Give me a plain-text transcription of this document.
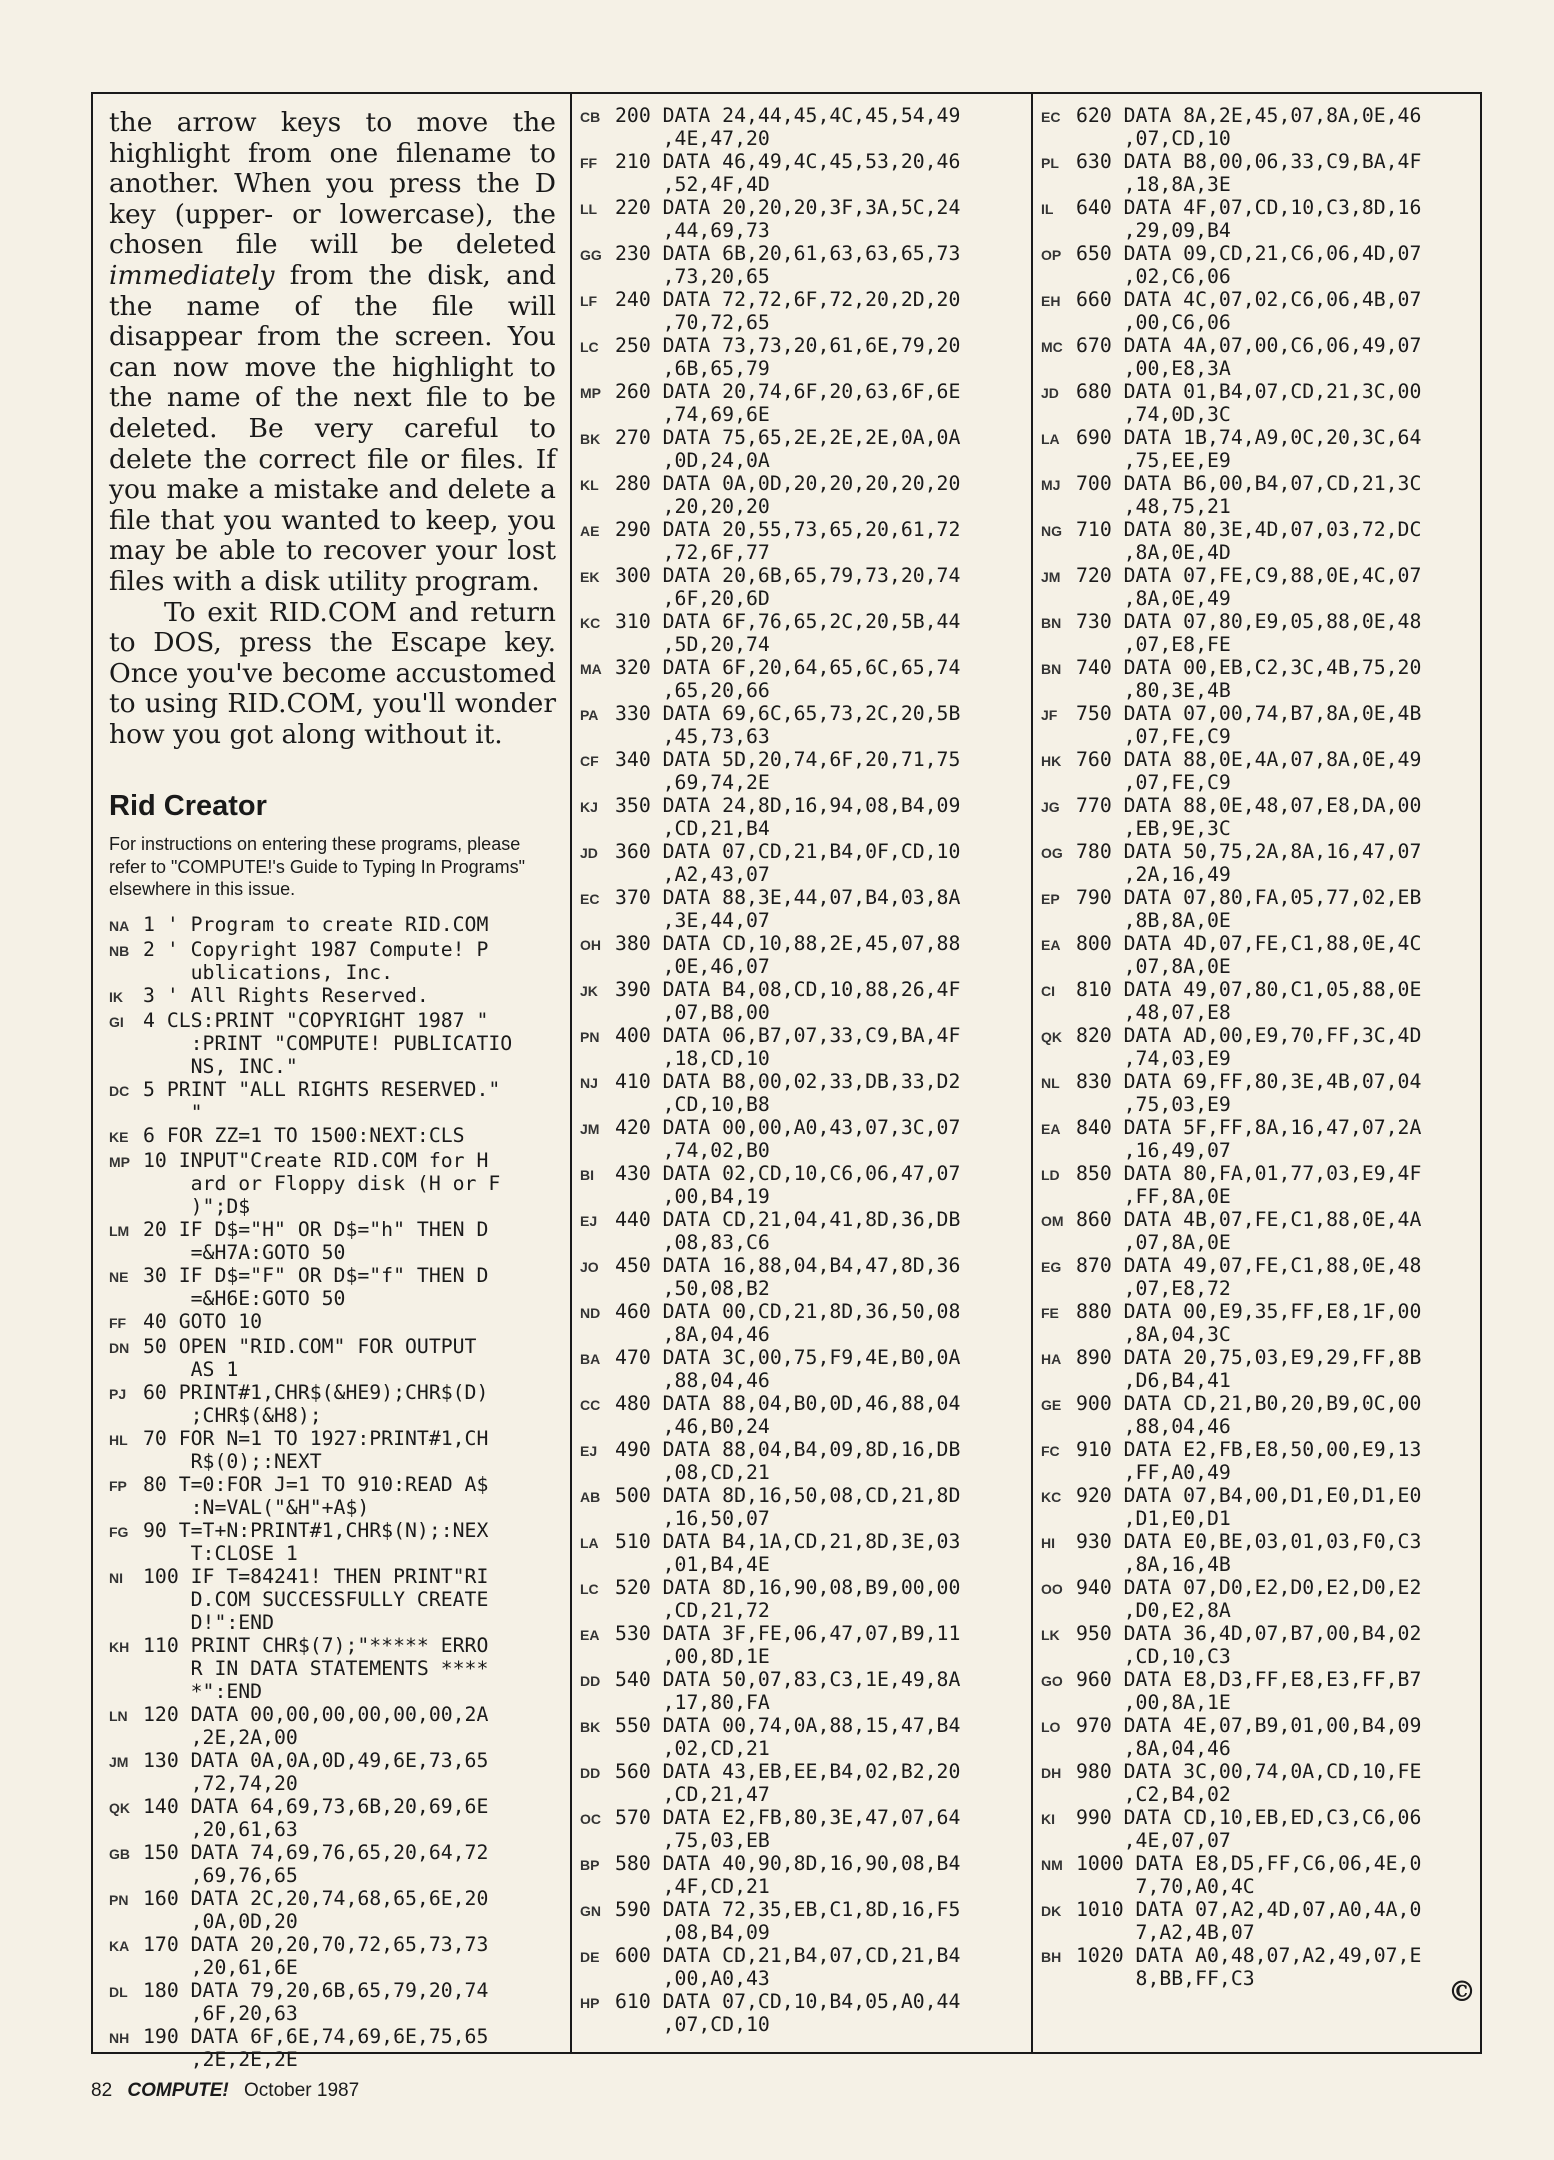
the arrow keys to move the highlight from one filename to another. When you press the D key (upper- or lowercase), the chosen file will be deleted immediately from the disk, and the name of the file will disappear from the screen. You can now move the highlight to the name of the next file to be deleted. Be very careful to delete the correct file or files. If you make a mistake and delete a file that you wanted to keep, you may be able to recover your lost files with a disk utility program.

To exit RID.COM and return to DOS, press the Escape key. Once you've become accustomed to using RID.COM, you'll wonder how you got along without it.

Rid Creator

For instructions on entering these programs, please refer to "COMPUTE!'s Guide to Typing In Programs" elsewhere in this issue.

NA 1 ' Program to create RID.COM
NB 2 ' Copyright 1987 Compute! P
ublications, Inc.
IK	3 ' All Rights Reserved.
GI 4 CLS:PRINT "COPYRIGHT 1987 "
:PRINT "COMPUTE! PUBLICATIO
NS, INC."
DC 5 PRINT "ALL RIGHTS RESERVED."
"
KE 6 FOR ZZ=1 TO 1500:NEXT:CLS
MP 10 INPUT"Create RID.COM for H
ard or Floppy disk (H or F
)";D$
LM 20 IF D$="H" OR D$="h" THEN D
=&H7A:GOTO 50
NE 30 IF D$="F" OR D$="f" THEN D
=&H6E:GOTO 50
FF 40 GOTO 10
DN 50 OPEN "RID.COM" FOR OUTPUT
AS 1
PJ 60 PRINT#1,CHR$(&HE9);CHR$(D)
;CHR$(&H8);
HL 70 FOR N=1 TO 1927:PRINT#1,CH
R$(0);:NEXT
FP 80 T=0:FOR J=1 TO 910:READ A$
:N=VAL("&H"+A$)
FG 90 T=T+N:PRINT#1,CHR$(N);:NEX
T:CLOSE 1
NI	100 IF T=84241! THEN PRINT"RI
D.COM SUCCESSFULLY CREATE
D!":END
KH 110 PRINT CHR$(7);"***** ERRO
R IN DATA STATEMENTS ****
*":END
LN 120 DATA 00,00,00,00,00,00,2A
,2E,2A,00
JM 130 DATA 0A,0A,0D,49,6E,73,65
,72,74,20
QK 140 DATA 64,69,73,6B,20,69,6E
,20,61,63
GB 150 DATA 74,69,76,65,20,64,72
,69,76,65
PN 160 DATA 2C,20,74,68,65,6E,20
,0A,0D,20
KA 170 DATA 20,20,70,72,65,73,73
,20,61,6E
DL 180 DATA 79,20,6B,65,79,20,74
,6F,20,63
NH 190 DATA 6F,6E,74,69,6E,75,65
,2E,2E,2E
CB 200 DATA 24,44,45,4C,45,54,49
,4E,47,20
FF 210 DATA 46,49,4C,45,53,20,46
,52,4F,4D
LL 220 DATA 20,20,20,3F,3A,5C,24
,44,69,73
GG 230 DATA 6B,20,61,63,63,65,73
,73,20,65
LF 240 DATA 72,72,6F,72,20,2D,20
,70,72,65
LC 250 DATA 73,73,20,61,6E,79,20
,6B,65,79
MP 260 DATA 20,74,6F,20,63,6F,6E
,74,69,6E
BK 270 DATA 75,65,2E,2E,2E,0A,0A
,0D,24,0A
KL 280 DATA 0A,0D,20,20,20,20,20
,20,20,20
AE 290 DATA 20,55,73,65,20,61,72
,72,6F,77
EK 300 DATA 20,6B,65,79,73,20,74
,6F,20,6D
KC 310 DATA 6F,76,65,2C,20,5B,44
,5D,20,74
MA 320 DATA 6F,20,64,65,6C,65,74
,65,20,66
PA 330 DATA 69,6C,65,73,2C,20,5B
,45,73,63
CF 340 DATA 5D,20,74,6F,20,71,75
,69,74,2E
KJ 350 DATA 24,8D,16,94,08,B4,09
,CD,21,B4
JD 360 DATA 07,CD,21,B4,0F,CD,10
,A2,43,07
EC 370 DATA 88,3E,44,07,B4,03,8A
,3E,44,07
OH 380 DATA CD,10,88,2E,45,07,88
,0E,46,07
JK 390 DATA B4,08,CD,10,88,26,4F
,07,B8,00
PN 400 DATA 06,B7,07,33,C9,BA,4F
,18,CD,10
NJ 410 DATA B8,00,02,33,DB,33,D2
,CD,10,B8
JM 420 DATA 00,00,A0,43,07,3C,07
,74,02,B0
BI	430 DATA 02,CD,10,C6,06,47,07
,00,B4,19
EJ 440 DATA CD,21,04,41,8D,36,DB
,08,83,C6
JO 450 DATA 16,88,04,B4,47,8D,36
,50,08,B2
ND 460 DATA 00,CD,21,8D,36,50,08
,8A,04,46
BA 470 DATA 3C,00,75,F9,4E,B0,0A
,88,04,46
CC 480 DATA 88,04,B0,0D,46,88,04
,46,B0,24
EJ 490 DATA 88,04,B4,09,8D,16,DB
,08,CD,21
AB 500 DATA 8D,16,50,08,CD,21,8D
,16,50,07
LA 510 DATA B4,1A,CD,21,8D,3E,03
,01,B4,4E
LC 520 DATA 8D,16,90,08,B9,00,00
,CD,21,72
EA 530 DATA 3F,FE,06,47,07,B9,11
,00,8D,1E
DD 540 DATA 50,07,83,C3,1E,49,8A
,17,80,FA
BK 550 DATA 00,74,0A,88,15,47,B4
,02,CD,21
DD 560 DATA 43,EB,EE,B4,02,B2,20
,CD,21,47
OC 570 DATA E2,FB,80,3E,47,07,64
,75,03,EB
BP 580 DATA 40,90,8D,16,90,08,B4
,4F,CD,21
GN 590 DATA 72,35,EB,C1,8D,16,F5
,08,B4,09
DE 600 DATA CD,21,B4,07,CD,21,B4
,00,A0,43
HP 610 DATA 07,CD,10,B4,05,A0,44
,07,CD,10
EC 620 DATA 8A,2E,45,07,8A,0E,46
,07,CD,10
PL 630 DATA B8,00,06,33,C9,BA,4F
,18,8A,3E
IL	640 DATA 4F,07,CD,10,C3,8D,16
,29,09,B4
OP 650 DATA 09,CD,21,C6,06,4D,07
,02,C6,06
EH 660 DATA 4C,07,02,C6,06,4B,07
,00,C6,06
MC 670 DATA 4A,07,00,C6,06,49,07
,00,E8,3A
JD 680 DATA 01,B4,07,CD,21,3C,00
,74,0D,3C
LA 690 DATA 1B,74,A9,0C,20,3C,64
,75,EE,E9
MJ 700 DATA B6,00,B4,07,CD,21,3C
,48,75,21
NG 710 DATA 80,3E,4D,07,03,72,DC
,8A,0E,4D
JM 720 DATA 07,FE,C9,88,0E,4C,07
,8A,0E,49
BN 730 DATA 07,80,E9,05,88,0E,48
,07,E8,FE
BN 740 DATA 00,EB,C2,3C,4B,75,20
,80,3E,4B
JF 750 DATA 07,00,74,B7,8A,0E,4B
,07,FE,C9
HK 760 DATA 88,0E,4A,07,8A,0E,49
,07,FE,C9
JG 770 DATA 88,0E,48,07,E8,DA,00
,EB,9E,3C
OG 780 DATA 50,75,2A,8A,16,47,07
,2A,16,49
EP 790 DATA 07,80,FA,05,77,02,EB
,8B,8A,0E
EA 800 DATA 4D,07,FE,C1,88,0E,4C
,07,8A,0E
CI	810 DATA 49,07,80,C1,05,88,0E
,48,07,E8
QK 820 DATA AD,00,E9,70,FF,3C,4D
,74,03,E9
NL 830 DATA 69,FF,80,3E,4B,07,04
,75,03,E9
EA 840 DATA 5F,FF,8A,16,47,07,2A
,16,49,07
LD 850 DATA 80,FA,01,77,03,E9,4F
,FF,8A,0E
OM 860 DATA 4B,07,FE,C1,88,0E,4A
,07,8A,0E
EG 870 DATA 49,07,FE,C1,88,0E,48
,07,E8,72
FE 880 DATA 00,E9,35,FF,E8,1F,00
,8A,04,3C
HA 890 DATA 20,75,03,E9,29,FF,8B
,D6,B4,41
GE 900 DATA CD,21,B0,20,B9,0C,00
,88,04,46
FC 910 DATA E2,FB,E8,50,00,E9,13
,FF,A0,49
KC 920 DATA 07,B4,00,D1,E0,D1,E0
,D1,E0,D1
HI	930 DATA E0,BE,03,01,03,F0,C3
,8A,16,4B
OO 940 DATA 07,D0,E2,D0,E2,D0,E2
,D0,E2,8A
LK 950 DATA 36,4D,07,B7,00,B4,02
,CD,10,C3
GO 960 DATA E8,D3,FF,E8,E3,FF,B7
,00,8A,1E
LO 970 DATA 4E,07,B9,01,00,B4,09
,8A,04,46
DH 980 DATA 3C,00,74,0A,CD,10,FE
,C2,B4,02
KI	990 DATA CD,10,EB,ED,C3,C6,06
,4E,07,07
NM 1000 DATA E8,D5,FF,C6,06,4E,0
7,70,A0,4C
DK 1010 DATA 07,A2,4D,07,A0,4A,0
7,A2,4B,07
BH 1020 DATA A0,48,07,A2,49,07,E
8,BB,FF,C3	©
82 COMPUTE! October 1987
